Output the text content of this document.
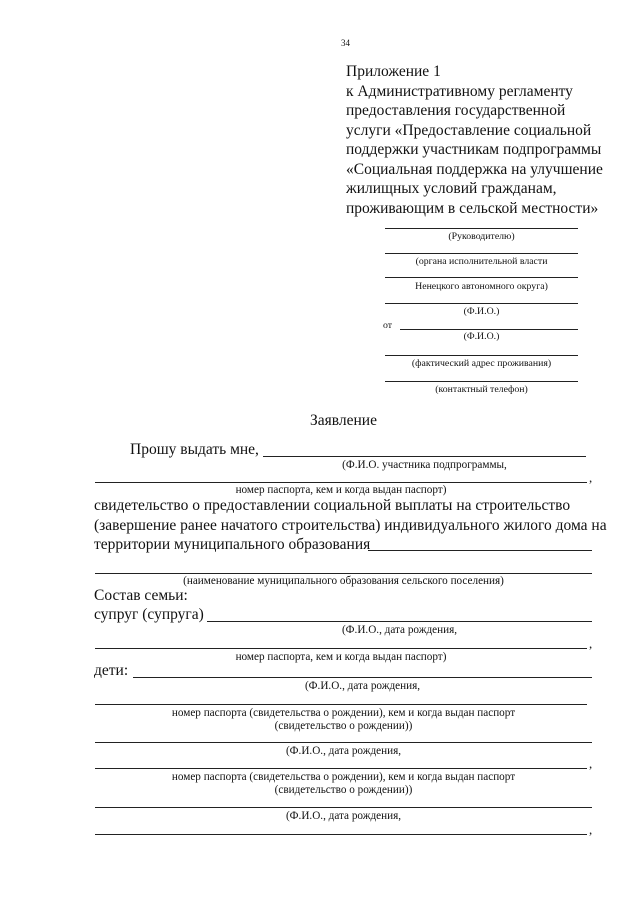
34
Приложение 1
к Административному регламенту
предоставления государственной
услуги «Предоставление социальной
поддержки участникам подпрограммы
«Социальная поддержка на улучшение
жилищных условий гражданам,
проживающим в сельской местности»
(Руководителю)
(органа исполнительной власти
Ненецкого автономного округа)
(Ф.И.О.)
от
(Ф.И.О.)
(фактический адрес проживания)
(контактный телефон)
Заявление
Прошу выдать мне,
(Ф.И.О. участника подпрограммы,
,
номер паспорта, кем и когда выдан паспорт)
свидетельство о предоставлении социальной выплаты на строительство
(завершение ранее начатого строительства) индивидуального жилого дома на
территории муниципального образования
(наименование муниципального образования сельского поселения)
Состав семьи:
супруг (супруга)
(Ф.И.О., дата рождения,
,
номер паспорта, кем и когда выдан паспорт)
дети:
(Ф.И.О., дата рождения,
номер паспорта (свидетельства о рождении), кем и когда выдан паспорт
(свидетельство о рождении))
(Ф.И.О., дата рождения,
,
номер паспорта (свидетельства о рождении), кем и когда выдан паспорт
(свидетельство о рождении))
(Ф.И.О., дата рождения,
,
